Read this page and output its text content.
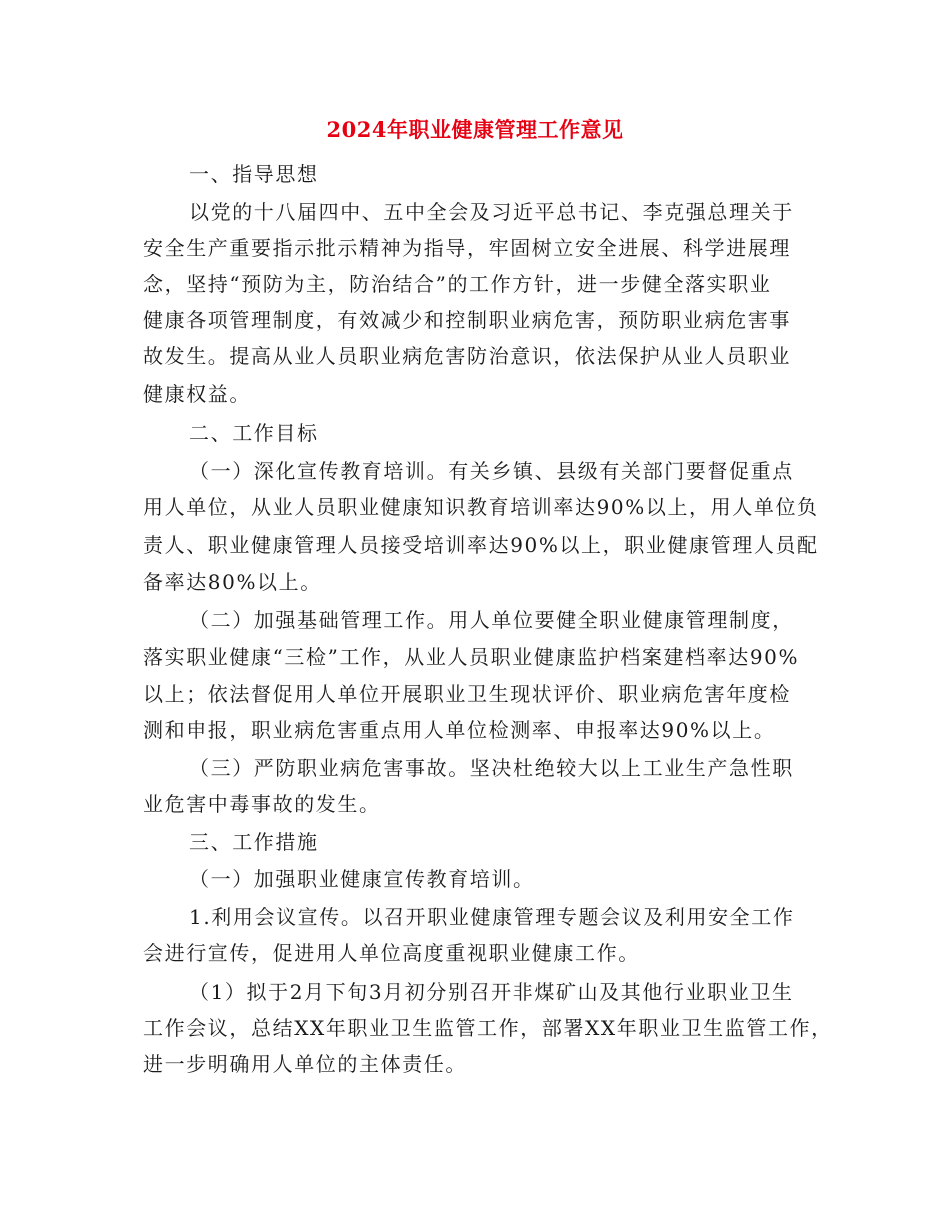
2024年职业健康管理工作意见
一、指导思想
以党的十八届四中、五中全会及习近平总书记、李克强总理关于
安全生产重要指示批示精神为指导，牢固树立安全进展、科学进展理
念，坚持“预防为主，防治结合”的工作方针，进一步健全落实职业
健康各项管理制度，有效减少和控制职业病危害，预防职业病危害事
故发生。提高从业人员职业病危害防治意识，依法保护从业人员职业
健康权益。
二、工作目标
（一）深化宣传教育培训。有关乡镇、县级有关部门要督促重点
用人单位，从业人员职业健康知识教育培训率达90%以上，用人单位负
责人、职业健康管理人员接受培训率达90%以上，职业健康管理人员配
备率达80%以上。
（二）加强基础管理工作。用人单位要健全职业健康管理制度，
落实职业健康“三检”工作，从业人员职业健康监护档案建档率达90%
以上；依法督促用人单位开展职业卫生现状评价、职业病危害年度检
测和申报，职业病危害重点用人单位检测率、申报率达90%以上。
（三）严防职业病危害事故。坚决杜绝较大以上工业生产急性职
业危害中毒事故的发生。
三、工作措施
（一）加强职业健康宣传教育培训。
1.利用会议宣传。以召开职业健康管理专题会议及利用安全工作
会进行宣传，促进用人单位高度重视职业健康工作。
（1）拟于2月下旬3月初分别召开非煤矿山及其他行业职业卫生
工作会议，总结XX年职业卫生监管工作，部署XX年职业卫生监管工作，
进一步明确用人单位的主体责任。
